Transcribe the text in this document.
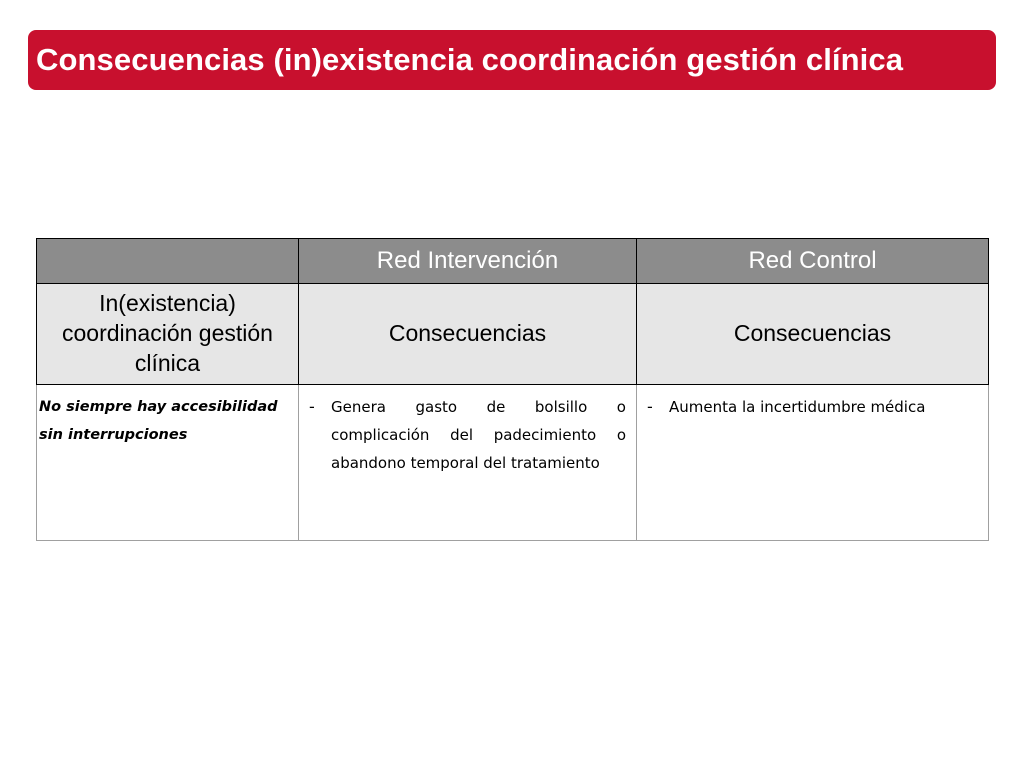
Consecuencias (in)existencia coordinación gestión clínica
	Red Intervención	Red Control
In(existencia) coordinación gestión clínica	Consecuencias	Consecuencias
No siempre hay accesibilidad sin interrupciones	- Genera gasto de bolsillo o complicación del padecimiento o abandono temporal del tratamiento	- Aumenta la incertidumbre médica
